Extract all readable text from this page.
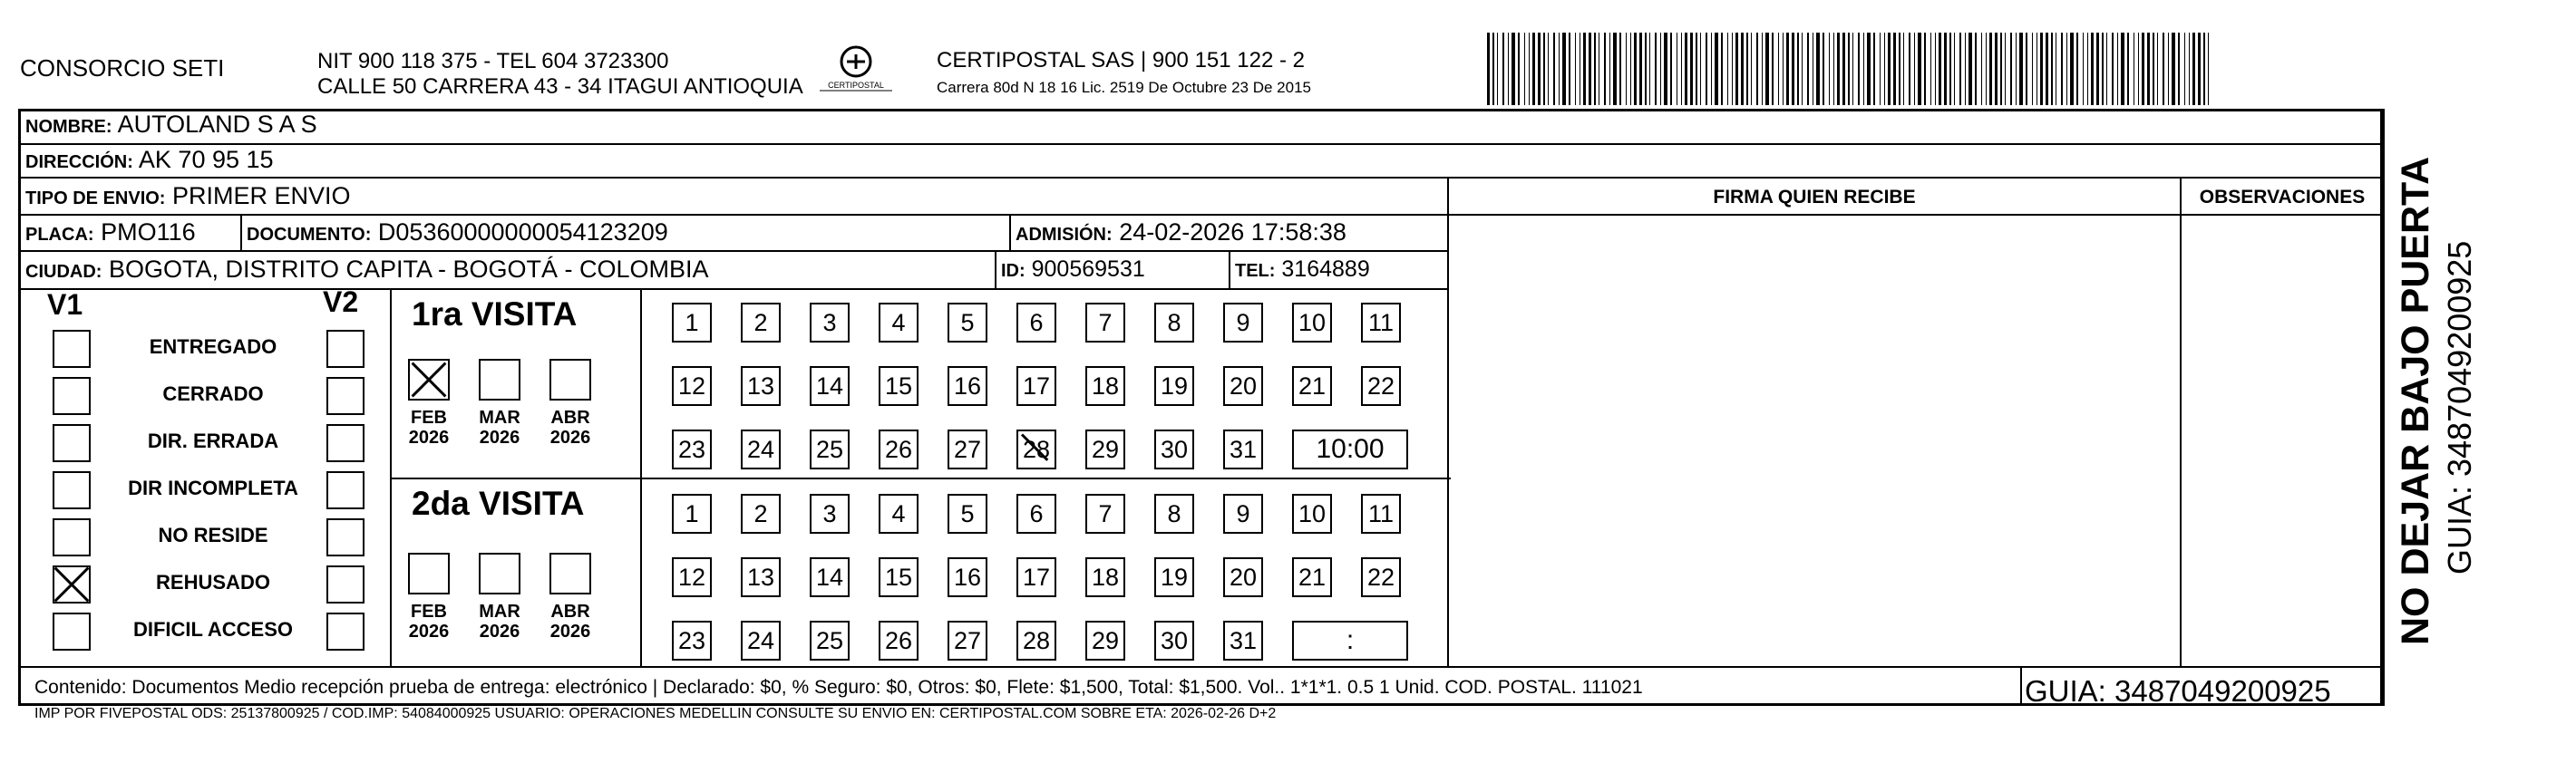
CONSORCIO SETI	NIT 900 118 375 - TEL 604 3723300
CALLE 50 CARRERA 43 - 34 ITAGUI ANTIOQUIA	CERTIPOSTAL
CERTIPOSTAL SAS | 900 151 122 - 2
Carrera 80d N 18 16 Lic. 2519 De Octubre 23 De 2015
NOMBRE: AUTOLAND S A S
DIRECCIÓN: AK 70 95 15
TIPO DE ENVIO: PRIMER ENVIO
PLACA: PMO116	DOCUMENTO: D05360000000054123209	ADMISIÓN: 24-02-2026 17:58:38
CIUDAD: BOGOTA, DISTRITO CAPITA - BOGOTÁ - COLOMBIA	ID: 900569531	TEL: 3164889
FIRMA QUIEN RECIBE	OBSERVACIONES
V1	V2
ENTREGADO
CERRADO
DIR. ERRADA
DIR INCOMPLETA
NO RESIDE
REHUSADO
DIFICIL ACCESO
1ra VISITA
FEB
2026
MAR
2026
ABR
2026
1	2	3	4	5	6	7	8	9	10 11
12 13 14 15 16 17 18 19 20 21 22
23 24 25 26 27 28 29 30 31	10:00
2da VISITA
FEB
2026
MAR
2026
ABR
2026
1	2	3	4	5	6	7	8	9	10 11
12 13 14 15 16 17 18 19 20 21 22
23 24 25 26 27 28 29 30 31	:
Contenido: Documentos Medio recepción prueba de entrega: electrónico | Declarado: $0, % Seguro: $0, Otros: $0, Flete: $1,500, Total: $1,500. Vol.. 1*1*1. 0.5 1 Unid. COD. POSTAL. 111021
IMP POR FIVEPOSTAL ODS: 25137800925 / COD.IMP: 54084000925 USUARIO: OPERACIONES MEDELLIN CONSULTE SU ENVIO EN: CERTIPOSTAL.COM SOBRE ETA: 2026-02-26 D+2
GUIA: 3487049200925
NO DEJAR BAJO PUERTA GUIA: 3487049200925
